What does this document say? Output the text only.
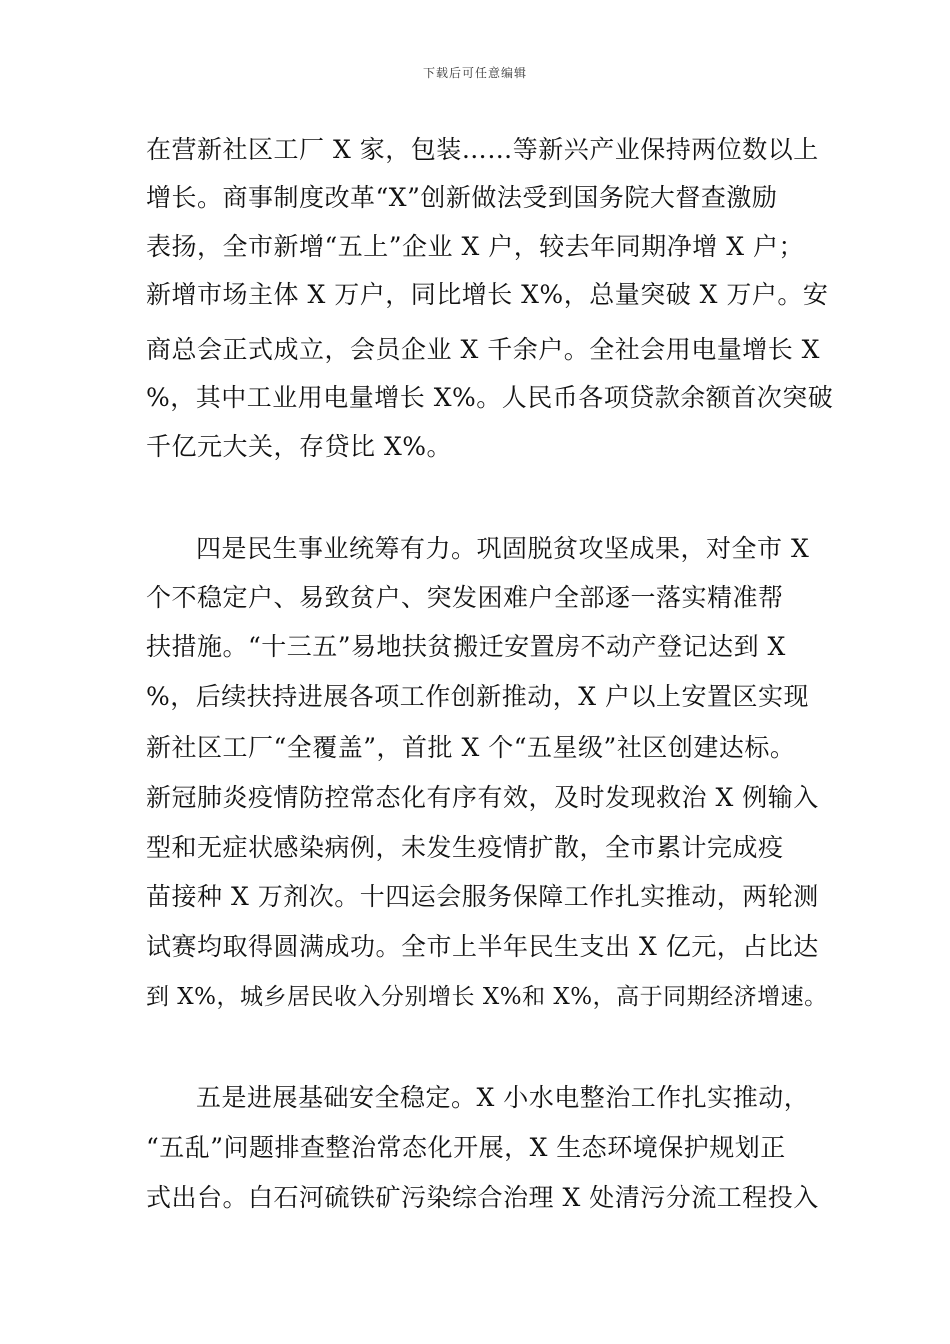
下载后可任意编辑
在营新社区工厂 X 家，包装……等新兴产业保持两位数以上
增长。商事制度改革“X”创新做法受到国务院大督查激励
表扬，全市新增“五上”企业 X 户，较去年同期净增 X 户；
新增市场主体 X 万户，同比增长 X%，总量突破 X 万户。安
商总会正式成立，会员企业 X 千余户。全社会用电量增长 X
%，其中工业用电量增长 X%。人民币各项贷款余额首次突破
千亿元大关，存贷比 X%。
四是民生事业统筹有力。巩固脱贫攻坚成果，对全市 X
个不稳定户、易致贫户、突发困难户全部逐一落实精准帮
扶措施。“十三五”易地扶贫搬迁安置房不动产登记达到 X
%，后续扶持进展各项工作创新推动，X 户以上安置区实现
新社区工厂“全覆盖”，首批 X 个“五星级”社区创建达标。
新冠肺炎疫情防控常态化有序有效，及时发现救治 X 例输入
型和无症状感染病例，未发生疫情扩散，全市累计完成疫
苗接种 X 万剂次。十四运会服务保障工作扎实推动，两轮测
试赛均取得圆满成功。全市上半年民生支出 X 亿元，占比达
到 X%，城乡居民收入分别增长 X%和 X%，高于同期经济增速。
五是进展基础安全稳定。X 小水电整治工作扎实推动，
“五乱”问题排查整治常态化开展，X 生态环境保护规划正
式出台。白石河硫铁矿污染综合治理 X 处清污分流工程投入
